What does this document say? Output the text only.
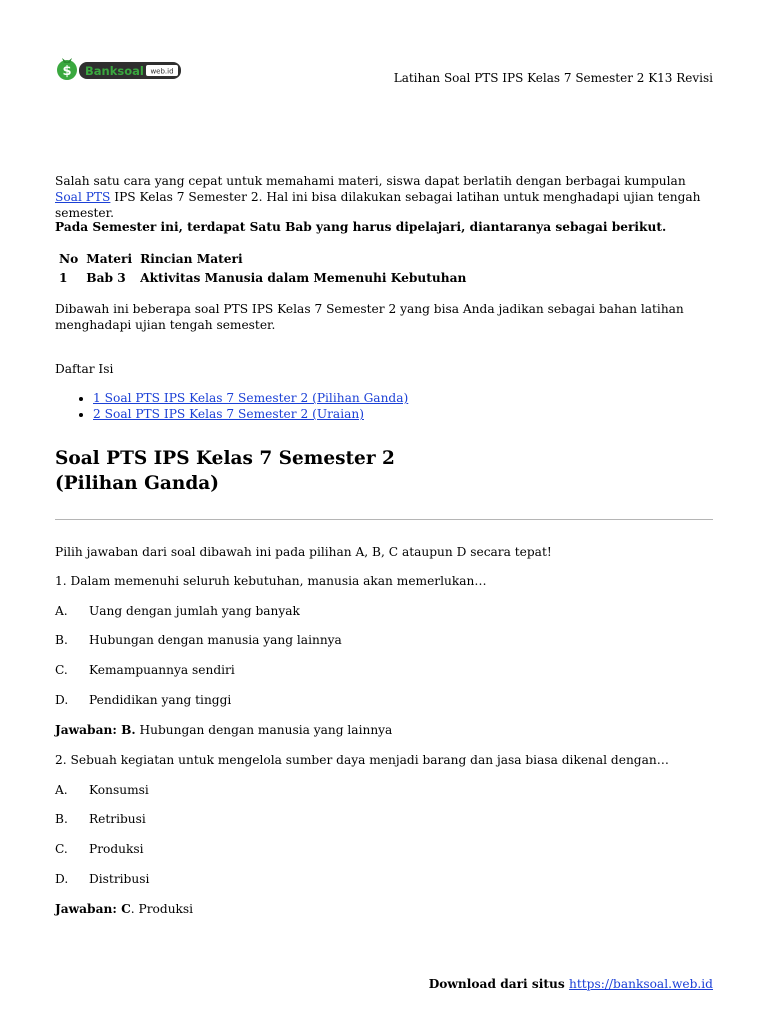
$ Banksoal web.id	Latihan Soal PTS IPS Kelas 7 Semester 2 K13 Revisi

Salah satu cara yang cepat untuk memahami materi, siswa dapat berlatih dengan berbagai kumpulan Soal PTS IPS Kelas 7 Semester 2. Hal ini bisa dilakukan sebagai latihan untuk menghadapi ujian tengah semester.

Pada Semester ini, terdapat Satu Bab yang harus dipelajari, diantaranya sebagai berikut.

No	Materi	Rincian Materi
1	Bab 3	Aktivitas Manusia dalam Memenuhi Kebutuhan

Dibawah ini beberapa soal PTS IPS Kelas 7 Semester 2 yang bisa Anda jadikan sebagai bahan latihan menghadapi ujian tengah semester.

Daftar Isi

• 1 Soal PTS IPS Kelas 7 Semester 2 (Pilihan Ganda)
• 2 Soal PTS IPS Kelas 7 Semester 2 (Uraian)
Soal PTS IPS Kelas 7 Semester 2
(Pilihan Ganda)

Pilih jawaban dari soal dibawah ini pada pilihan A, B, C ataupun D secara tepat!

1. Dalam memenuhi seluruh kebutuhan, manusia akan memerlukan…

A. Uang dengan jumlah yang banyak

B. Hubungan dengan manusia yang lainnya

C. Kemampuannya sendiri

D. Pendidikan yang tinggi

Jawaban: B. Hubungan dengan manusia yang lainnya

2. Sebuah kegiatan untuk mengelola sumber daya menjadi barang dan jasa biasa dikenal dengan…

A. Konsumsi

B. Retribusi

C. Produksi

D. Distribusi

Jawaban: C. Produksi

Download dari situs https://banksoal.web.id
